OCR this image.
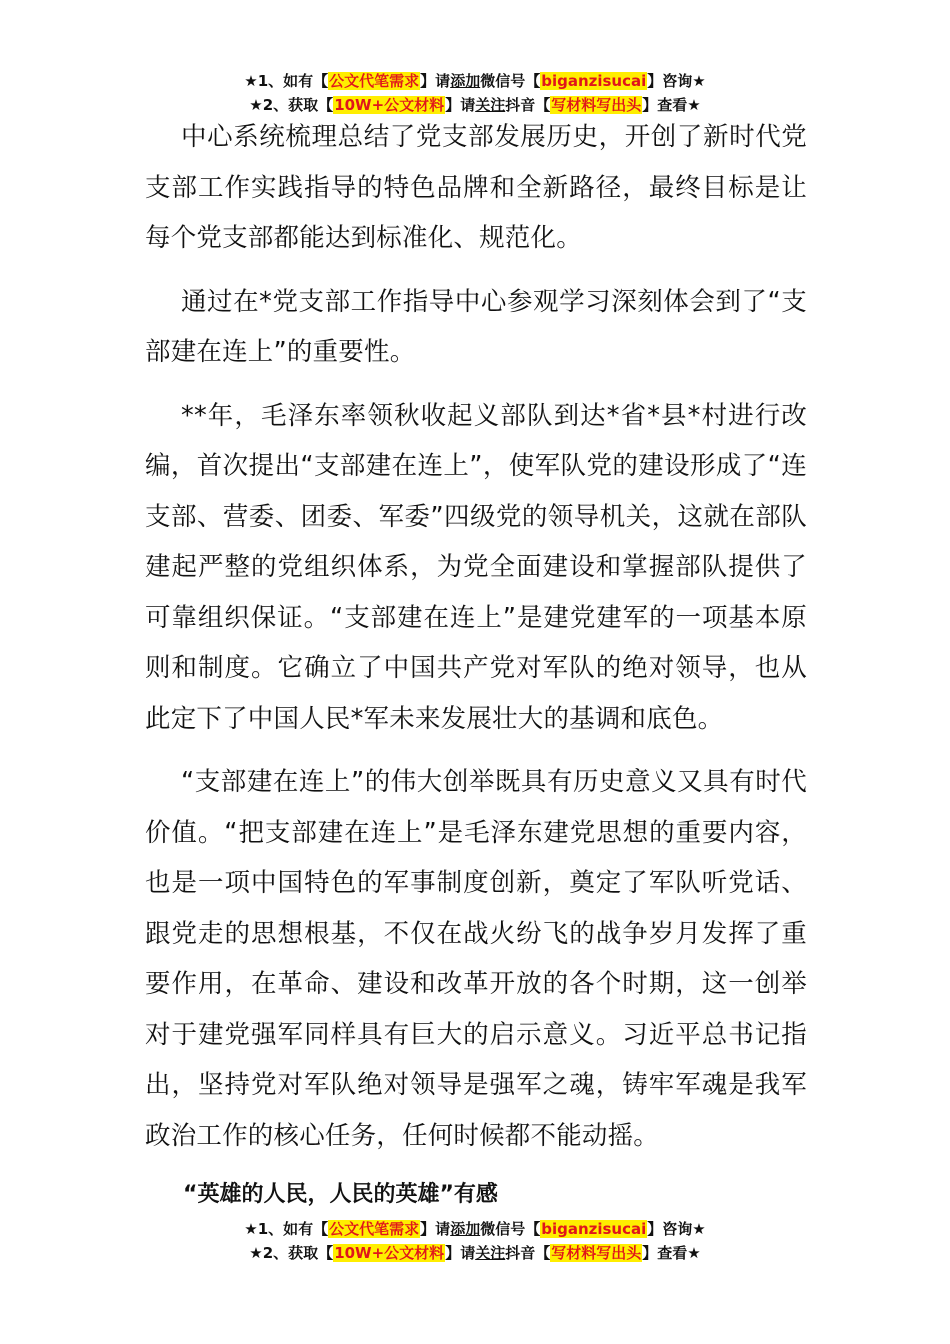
★1、如有【公文代笔需求】请添加微信号【biganzisucai】咨询★
★2、获取【10W+公文材料】请关注抖音【写材料写出头】查看★

中心系统梳理总结了党支部发展历史，开创了新时代党支部工作实践指导的特色品牌和全新路径，最终目标是让每个党支部都能达到标准化、规范化。

通过在*党支部工作指导中心参观学习深刻体会到了“支部建在连上”的重要性。

**年，毛泽东率领秋收起义部队到达*省*县*村进行改编，首次提出“支部建在连上”，使军队党的建设形成了“连支部、营委、团委、军委”四级党的领导机关，这就在部队建起严整的党组织体系，为党全面建设和掌握部队提供了可靠组织保证。“支部建在连上”是建党建军的一项基本原则和制度。它确立了中国共产党对军队的绝对领导，也从此定下了中国人民*军未来发展壮大的基调和底色。

“支部建在连上”的伟大创举既具有历史意义又具有时代价值。“把支部建在连上”是毛泽东建党思想的重要内容，也是一项中国特色的军事制度创新，奠定了军队听党话、跟党走的思想根基，不仅在战火纷飞的战争岁月发挥了重要作用，在革命、建设和改革开放的各个时期，这一创举对于建党强军同样具有巨大的启示意义。习近平总书记指出，坚持党对军队绝对领导是强军之魂，铸牢军魂是我军政治工作的核心任务，任何时候都不能动摇。

“英雄的人民，人民的英雄”有感
★1、如有【公文代笔需求】请添加微信号【biganzisucai】咨询★
★2、获取【10W+公文材料】请关注抖音【写材料写出头】查看★
